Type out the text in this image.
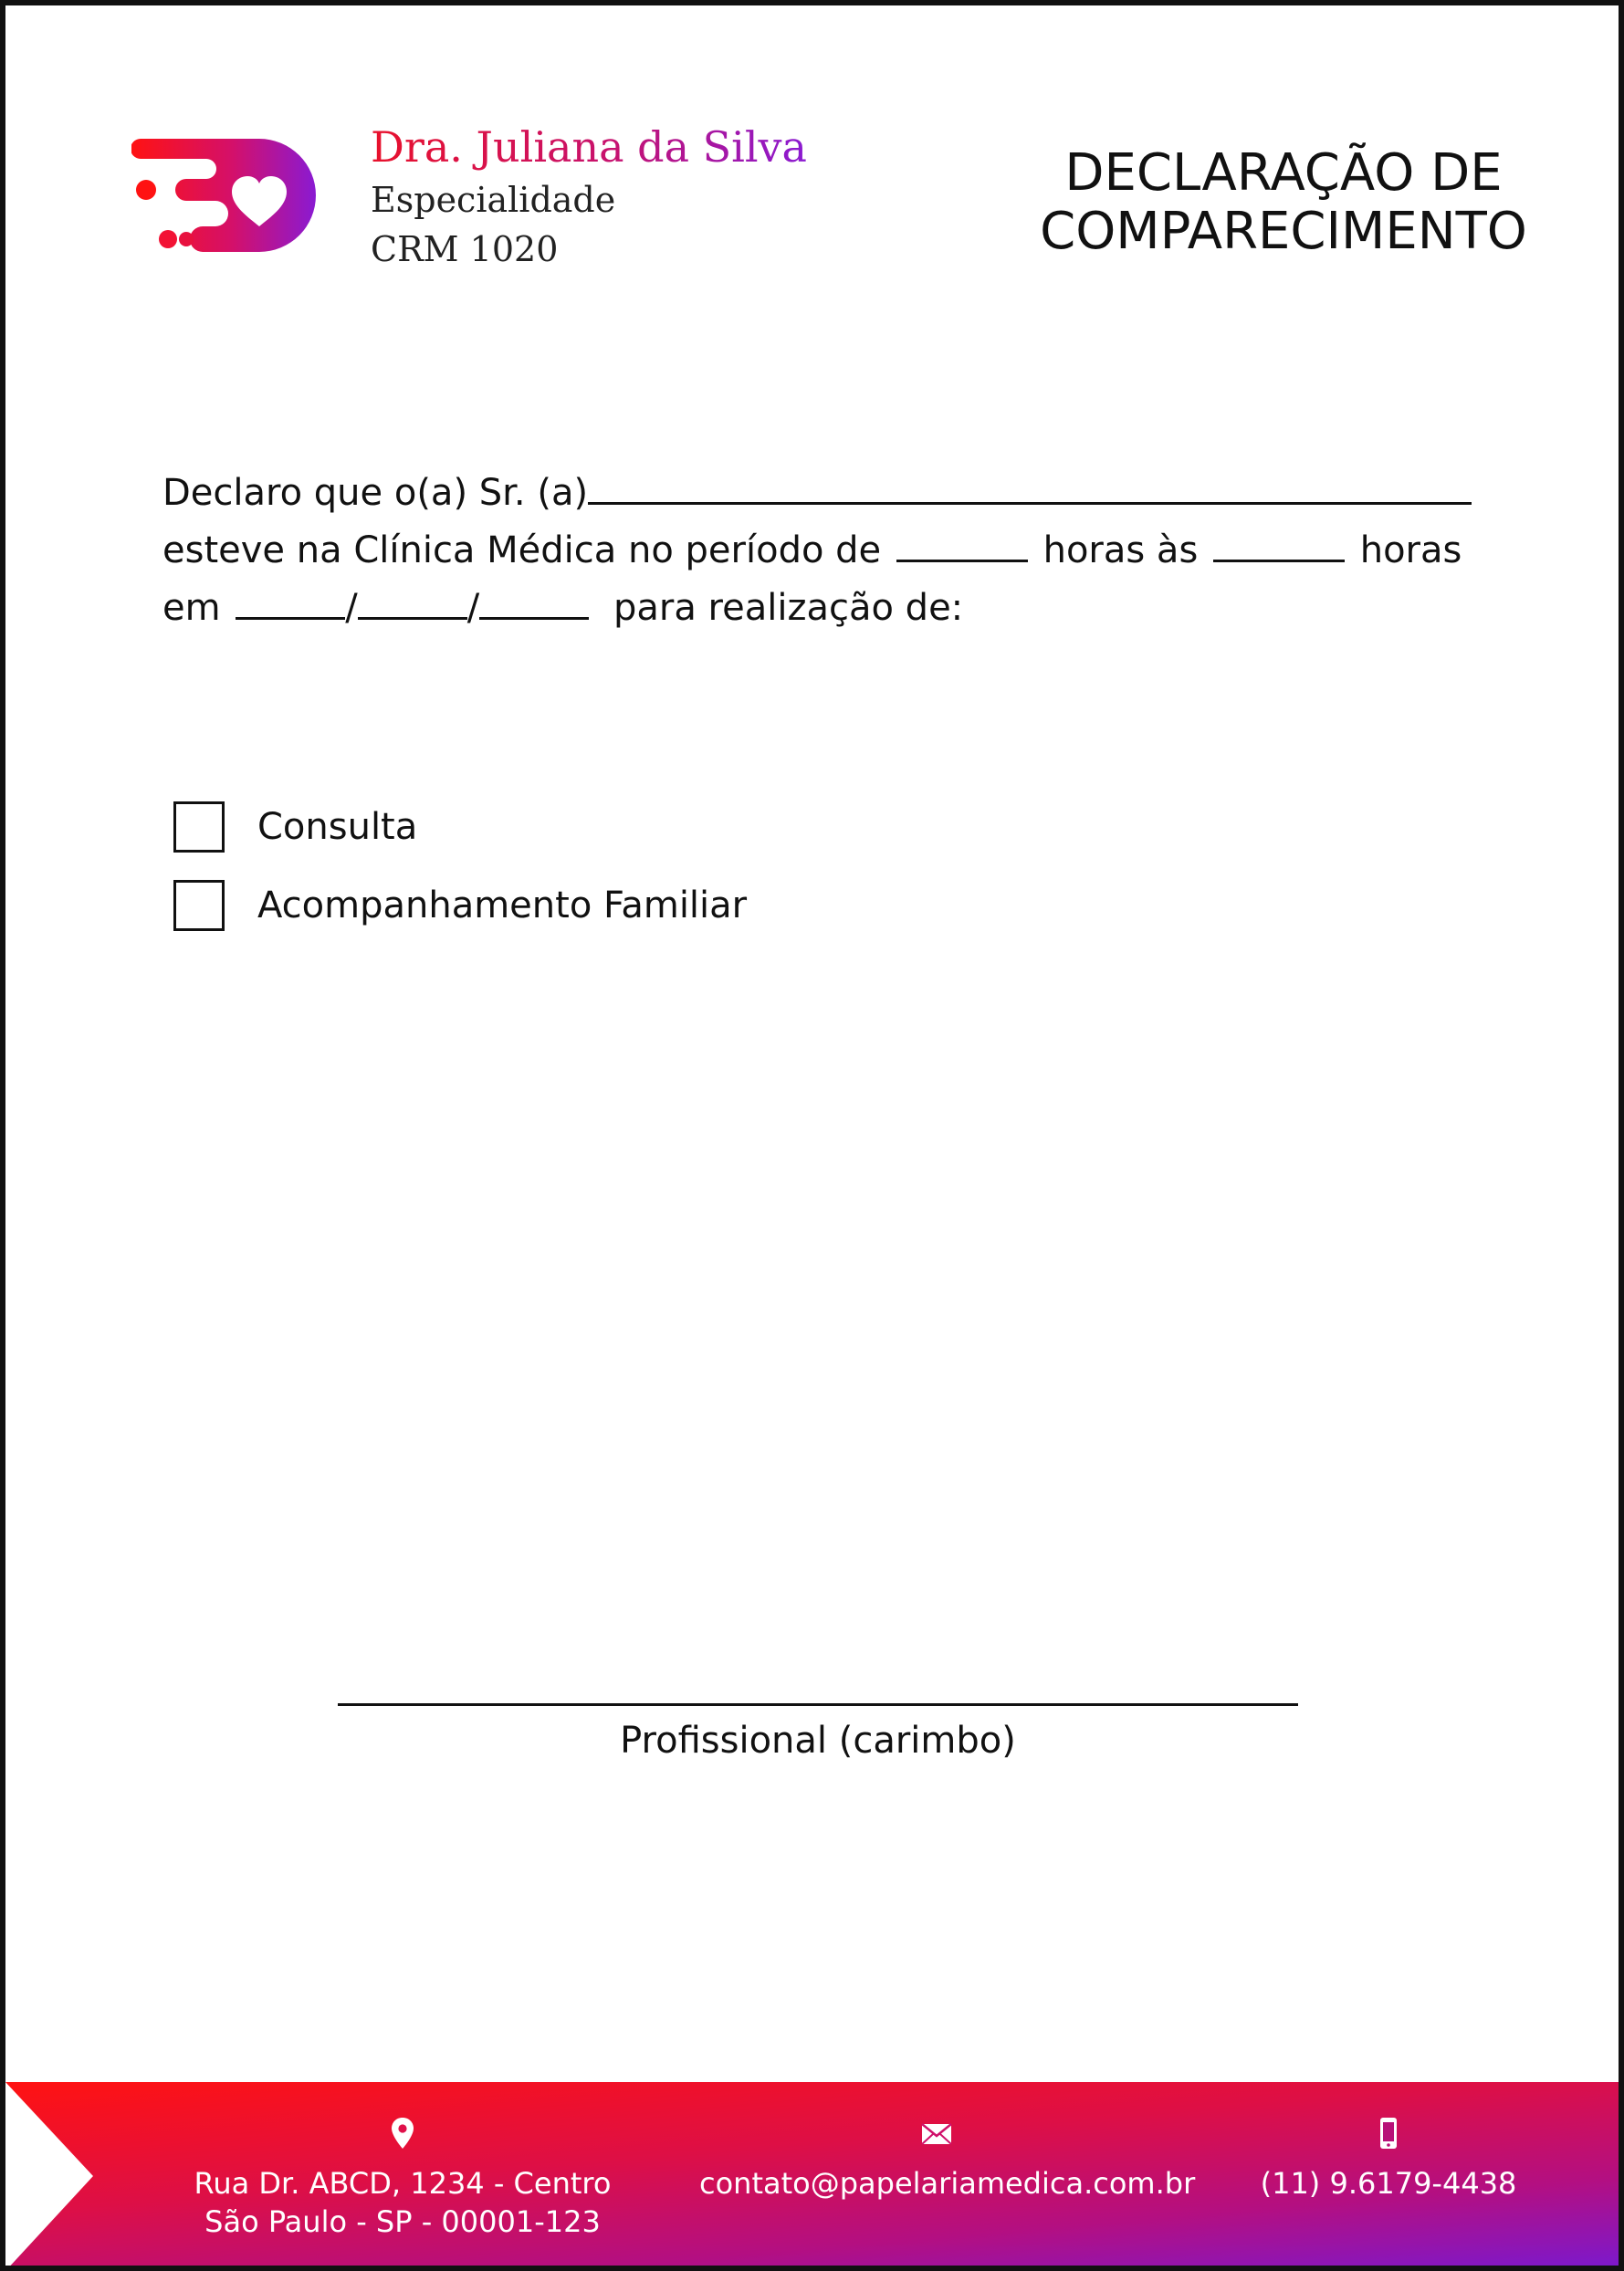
Dra. Juliana da Silva
Especialidade
CRM 1020
DECLARAÇÃO DE
COMPARECIMENTO
Declaro que o(a) Sr. (a)
esteve na Clínica Médica no período de	horas às	horas
em	/	/	para realização de:
Consulta
Acompanhamento Familiar
Profissional (carimbo)
Rua Dr. ABCD, 1234 - Centro
São Paulo - SP - 00001-123
contato@papelariamedica.com.br	(11) 9.6179-4438
